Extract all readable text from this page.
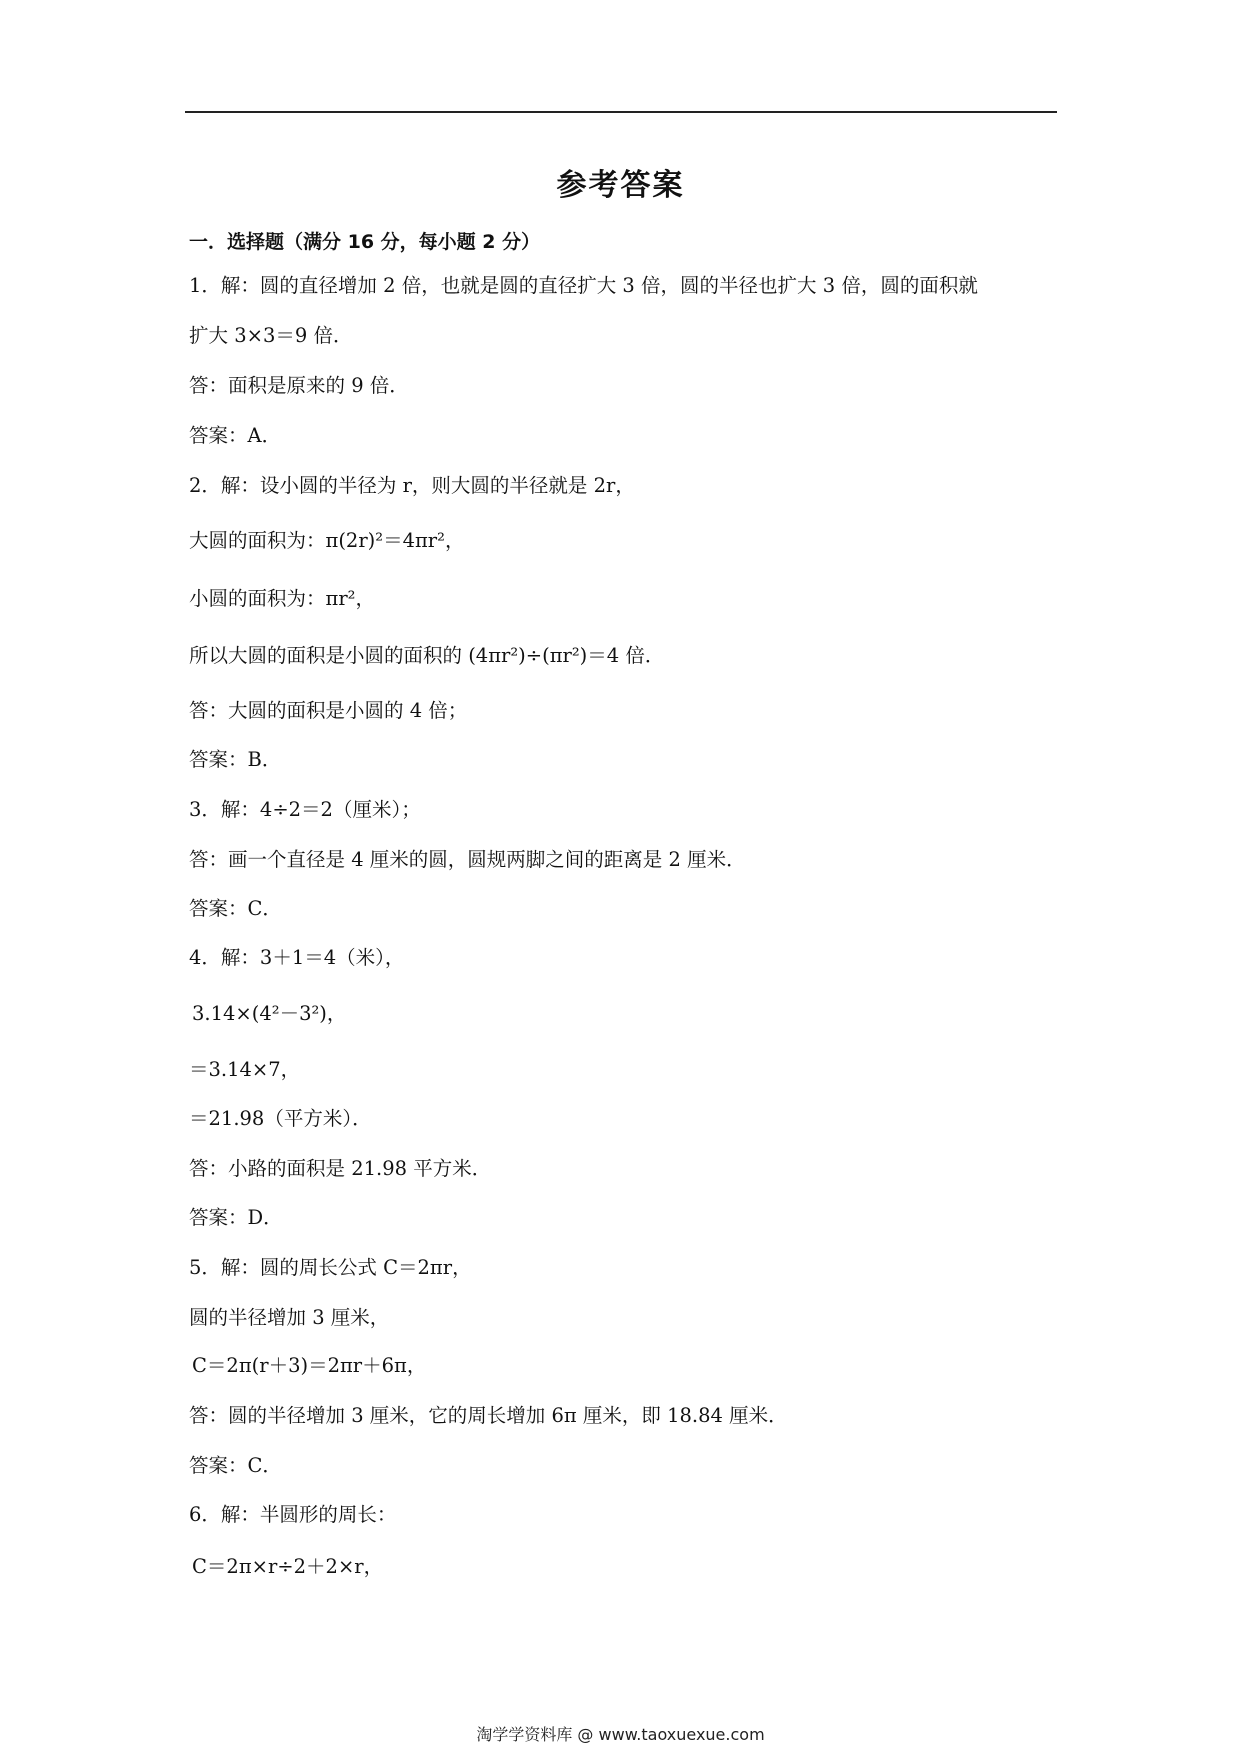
参考答案
一．选择题（满分 16 分，每小题 2 分）
1．解：圆的直径增加 2 倍，也就是圆的直径扩大 3 倍，圆的半径也扩大 3 倍，圆的面积就
扩大 3×3＝9 倍．
答：面积是原来的 9 倍．
答案：A．
2．解：设小圆的半径为 r，则大圆的半径就是 2r，
大圆的面积为：π(2r)²＝4πr²，
小圆的面积为：πr²，
所以大圆的面积是小圆的面积的 (4πr²)÷(πr²)＝4 倍．
答：大圆的面积是小圆的 4 倍；
答案：B．
3．解：4÷2＝2（厘米）；
答：画一个直径是 4 厘米的圆，圆规两脚之间的距离是 2 厘米．
答案：C．
4．解：3＋1＝4（米），
3.14×(4²－3²)，
＝3.14×7，
＝21.98（平方米）．
答：小路的面积是 21.98 平方米．
答案：D．
5．解：圆的周长公式 C＝2πr，
圆的半径增加 3 厘米，
C＝2π(r＋3)＝2πr＋6π，
答：圆的半径增加 3 厘米，它的周长增加 6π 厘米，即 18.84 厘米．
答案：C．
6．解：半圆形的周长：
C＝2π×r÷2＋2×r，
淘学学资料库 @ www.taoxuexue.com
